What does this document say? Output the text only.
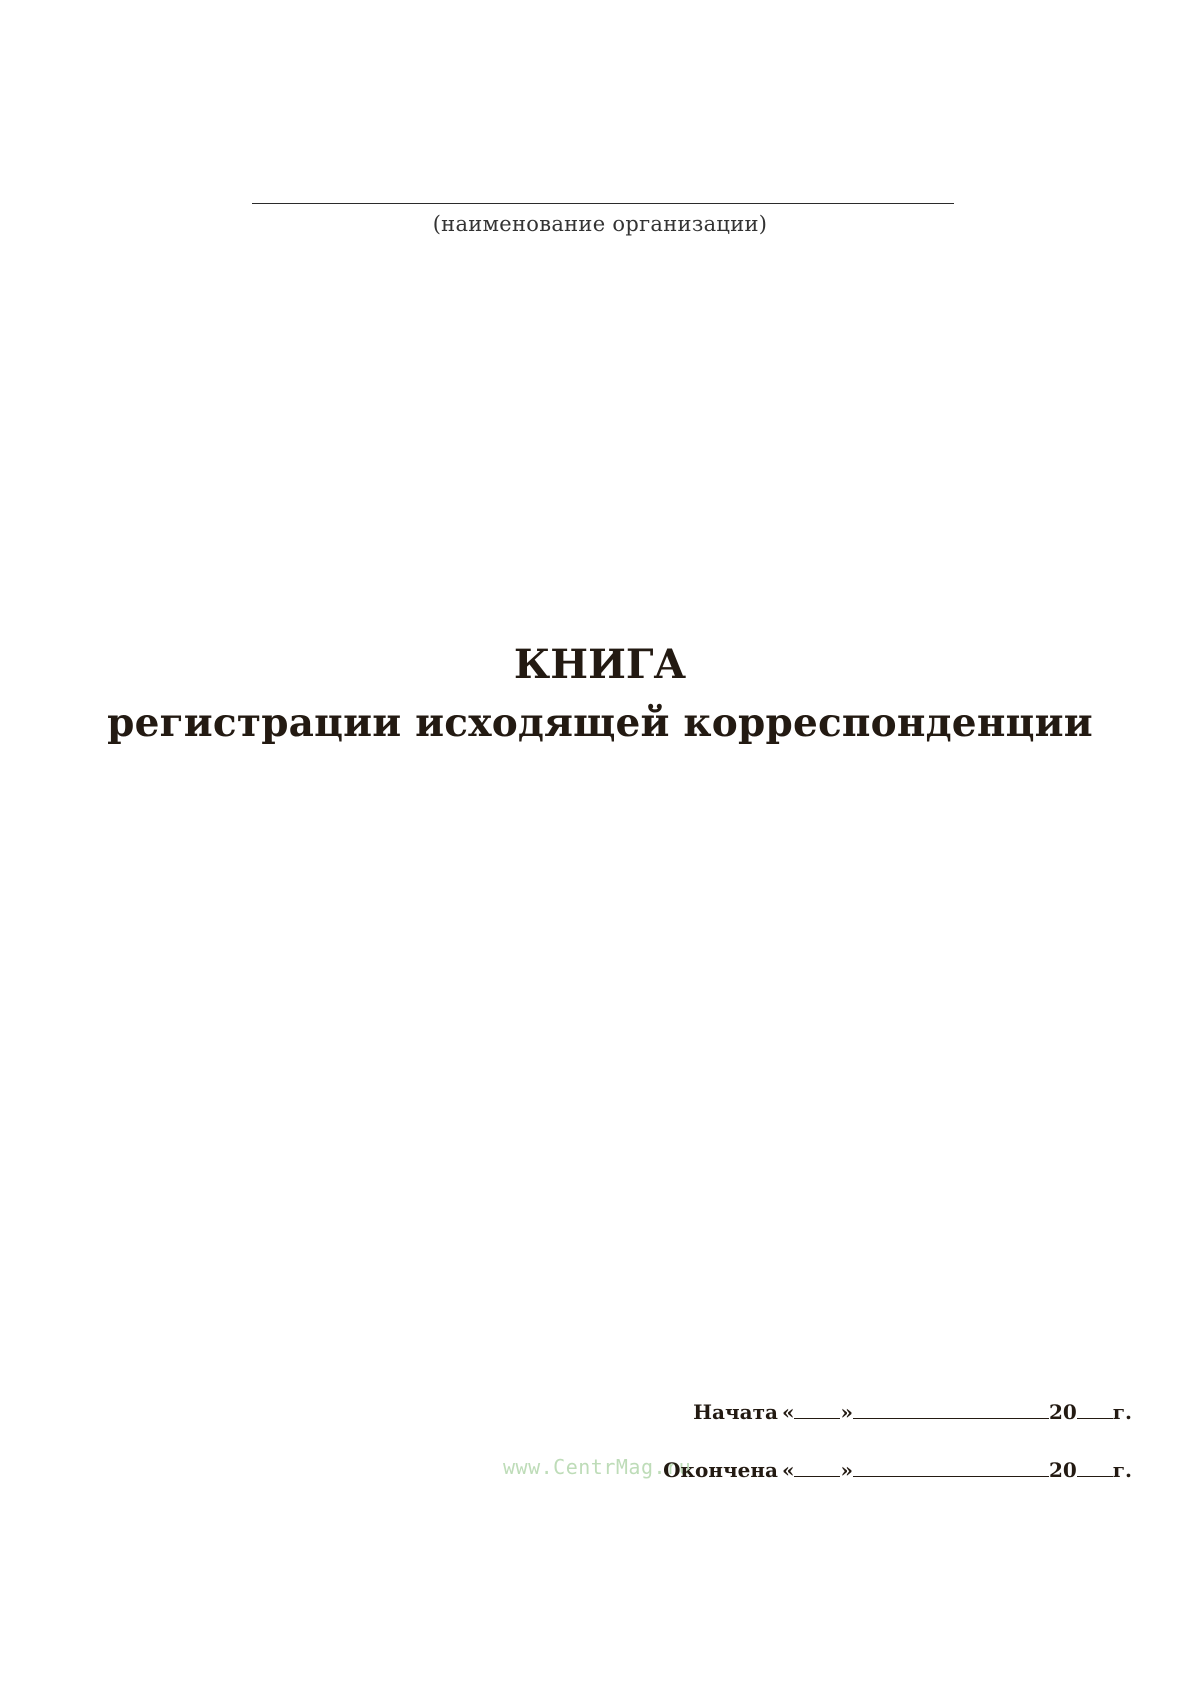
(наименование организации)
КНИГА
регистрации исходящей корреспонденции
www.CentrMag.ru
Начата « »	20 г.
Окончена « »	20 г.
